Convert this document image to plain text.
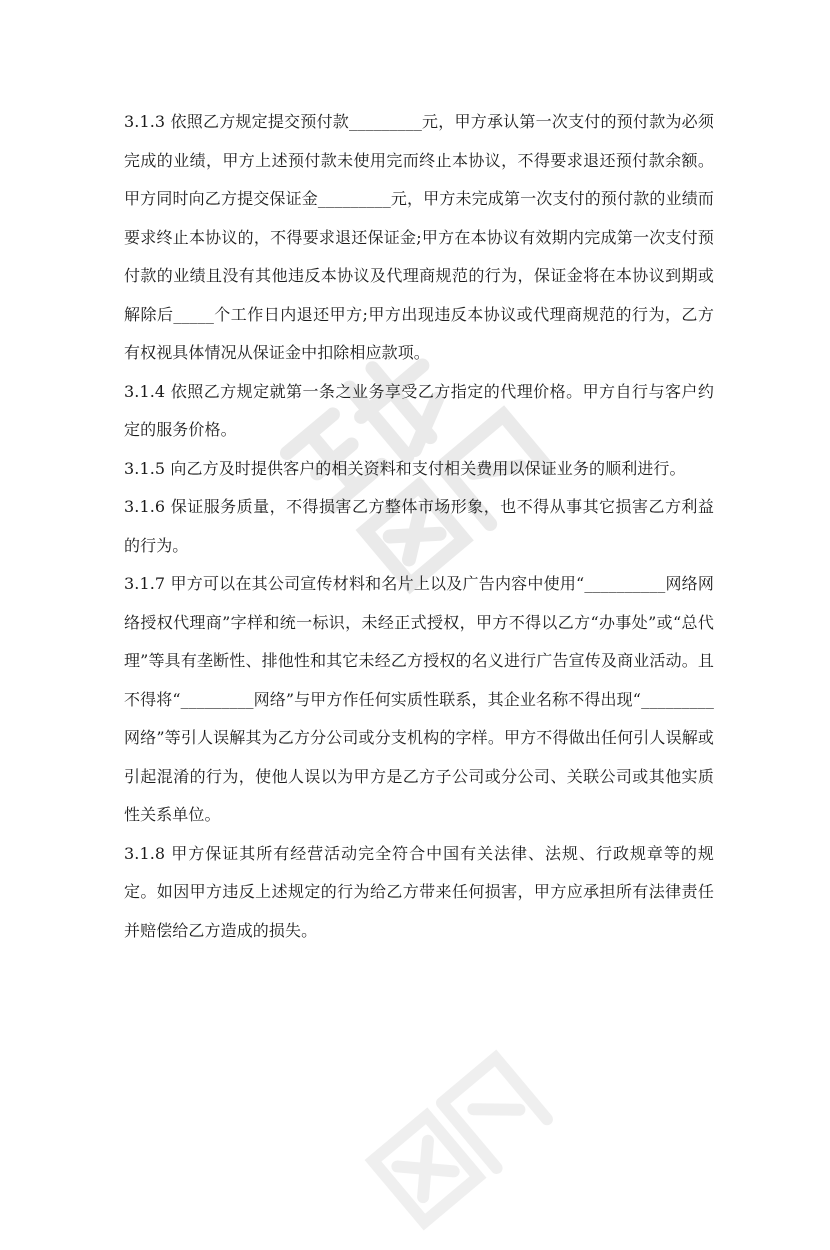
3.1.3 依照乙方规定提交预付款_________元，甲方承认第一次支付的预付款为必须完成的业绩，甲方上述预付款未使用完而终止本协议，不得要求退还预付款余额。甲方同时向乙方提交保证金_________元，甲方未完成第一次支付的预付款的业绩而要求终止本协议的，不得要求退还保证金;甲方在本协议有效期内完成第一次支付预付款的业绩且没有其他违反本协议及代理商规范的行为，保证金将在本协议到期或解除后_____个工作日内退还甲方;甲方出现违反本协议或代理商规范的行为，乙方有权视具体情况从保证金中扣除相应款项。

3.1.4 依照乙方规定就第一条之业务享受乙方指定的代理价格。甲方自行与客户约定的服务价格。

3.1.5 向乙方及时提供客户的相关资料和支付相关费用以保证业务的顺利进行。

3.1.6 保证服务质量，不得损害乙方整体市场形象，也不得从事其它损害乙方利益的行为。

3.1.7 甲方可以在其公司宣传材料和名片上以及广告内容中使用“__________网络网络授权代理商”字样和统一标识，未经正式授权，甲方不得以乙方“办事处”或“总代理”等具有垄断性、排他性和其它未经乙方授权的名义进行广告宣传及商业活动。且不得将“_________网络”与甲方作任何实质性联系，其企业名称不得出现“_________网络”等引人误解其为乙方分公司或分支机构的字样。甲方不得做出任何引人误解或引起混淆的行为，使他人误以为甲方是乙方子公司或分公司、关联公司或其他实质性关系单位。

3.1.8 甲方保证其所有经营活动完全符合中国有关法律、法规、行政规章等的规定。如因甲方违反上述规定的行为给乙方带来任何损害，甲方应承担所有法律责任并赔偿给乙方造成的损失。
